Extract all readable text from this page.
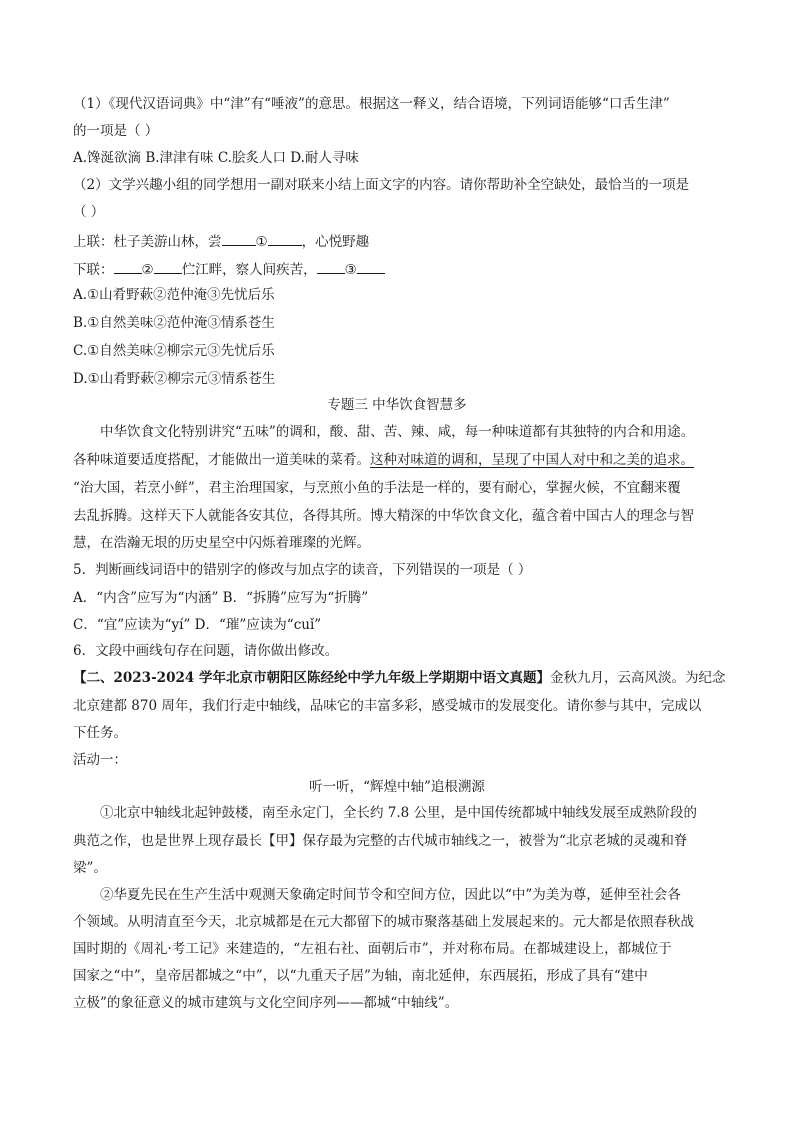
（1）《现代汉语词典》中“津”有“唾液”的意思。根据这一释义，结合语境，下列词语能够“口舌生津”
的一项是（ ）
A.馋涎欲滴 B.津津有味 C.脍炙人口 D.耐人寻味
（2）文学兴趣小组的同学想用一副对联来小结上面文字的内容。请你帮助补全空缺处，最恰当的一项是
（ ）
上联：杜子美游山林，尝	①	，心悦野趣
下联： ② 伫江畔，察人间疾苦， ③
A.①山肴野蔌②范仲淹③先忧后乐
B.①自然美味②范仲淹③情系苍生
C.①自然美味②柳宗元③先忧后乐
D.①山肴野蔌②柳宗元③情系苍生
专题三 中华饮食智慧多
中华饮食文化特别讲究“五味”的调和，酸、甜、苦、辣、咸，每一种味道都有其独特的内合和用途。
各种味道要适度搭配，才能做出一道美味的菜肴。这种对味道的调和，呈现了中国人对中和之美的追求。
“治大国，若烹小鲜”，君主治理国家，与烹煎小鱼的手法是一样的，要有耐心，掌握火候，不宜翻来覆
去乱拆腾。这样天下人就能各安其位，各得其所。博大精深的中华饮食文化，蕴含着中国古人的理念与智
慧，在浩瀚无垠的历史星空中闪烁着璀璨的光辉。
5．判断画线词语中的错别字的修改与加点字的读音，下列错误的一项是（ ）
A．“内含”应写为“内涵” B．“拆腾”应写为“折腾”
C．“宜”应读为“yí” D．“璀”应读为“cuǐ”
6．文段中画线句存在问题，请你做出修改。
【二、2023-2024 学年北京市朝阳区陈经纶中学九年级上学期期中语文真题】金秋九月，云高风淡。为纪念
北京建都 870 周年，我们行走中轴线，品味它的丰富多彩，感受城市的发展变化。请你参与其中，完成以
下任务。
活动一：
听一听，“辉煌中轴”追根溯源
①北京中轴线北起钟鼓楼，南至永定门，全长约 7.8 公里，是中国传统都城中轴线发展至成熟阶段的
典范之作，也是世界上现存最长【甲】保存最为完整的古代城市轴线之一，被誉为“北京老城的灵魂和脊
梁”。
②华夏先民在生产生活中观测天象确定时间节令和空间方位，因此以“中”为美为尊，延伸至社会各
个领域。从明清直至今天，北京城都是在元大都留下的城市聚落基础上发展起来的。元大都是依照春秋战
国时期的《周礼·考工记》来建造的，“左祖右社、面朝后市”，并对称布局。在都城建设上，都城位于
国家之“中”，皇帝居都城之“中”，以“九重天子居”为轴，南北延伸，东西展拓，形成了具有“建中
立极”的象征意义的城市建筑与文化空间序列——都城“中轴线”。
